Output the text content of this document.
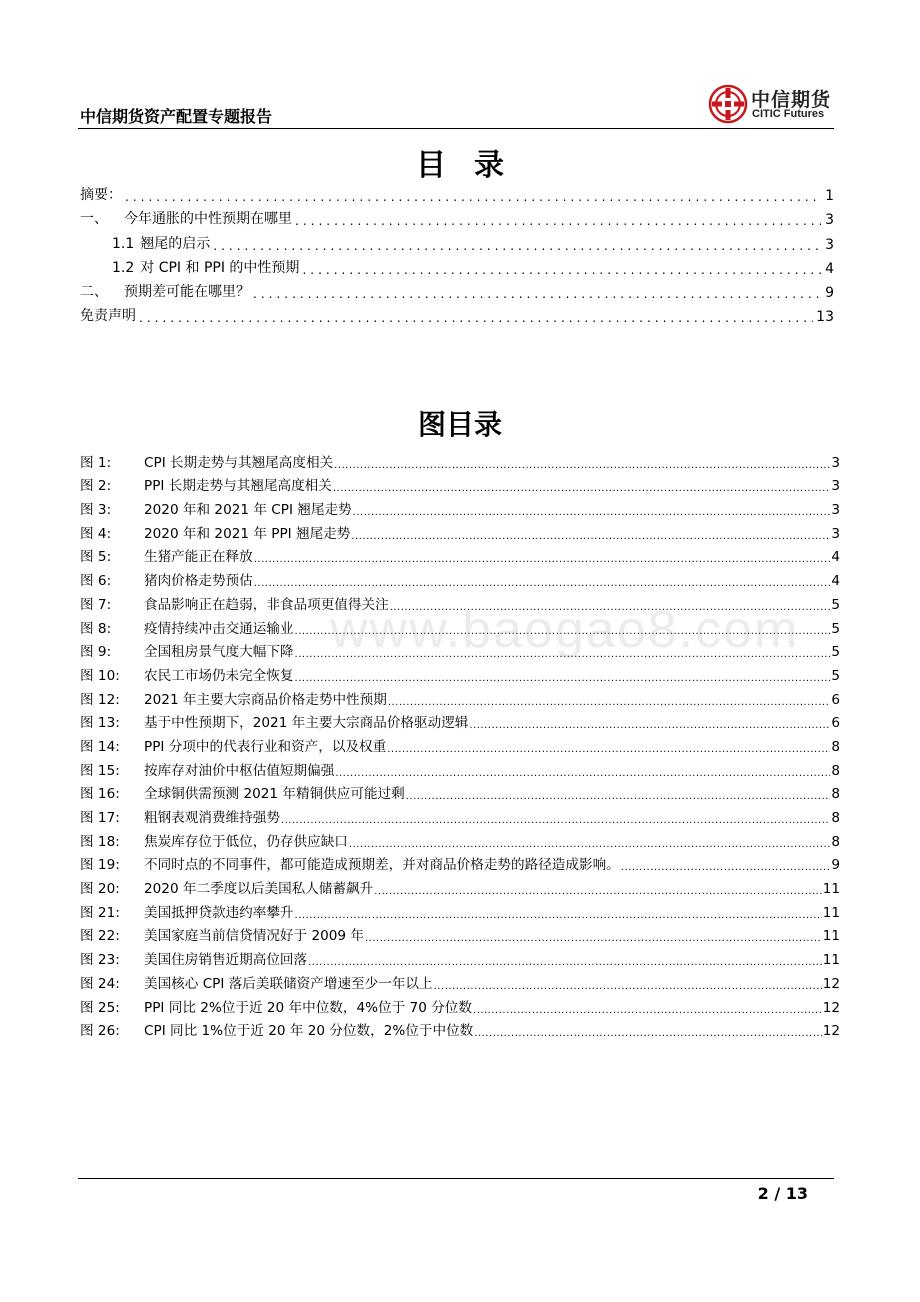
中信期货资产配置专题报告
中信期货
CITIC Futures
目录
摘要： .....	1
一、 今年通胀的中性预期在哪里 .....	3
1.1 翘尾的启示 .....	3
1.2 对 CPI 和 PPI 的中性预期 .....	4
二、 预期差可能在哪里？ .....	9
免责声明 .....	13
图目录
图 1:	CPI 长期走势与其翘尾高度相关 .....	3
图 2:	PPI 长期走势与其翘尾高度相关 .....	3
图 3:	2020 年和 2021 年 CPI 翘尾走势 .....	3
图 4:	2020 年和 2021 年 PPI 翘尾走势 .....	3
图 5:	生猪产能正在释放 .....	4
图 6:	猪肉价格走势预估 .....	4
图 7:	食品影响正在趋弱，非食品项更值得关注 .....	5
图 8:	疫情持续冲击交通运输业 .....	5
图 9:	全国租房景气度大幅下降 .....	5
图 10:	农民工市场仍未完全恢复 .....	5
图 12:	2021 年主要大宗商品价格走势中性预期 .....	6
图 13:	基于中性预期下，2021 年主要大宗商品价格驱动逻辑 .....	6
图 14:	PPI 分项中的代表行业和资产，以及权重 .....	8
图 15:	按库存对油价中枢估值短期偏强 .....	8
图 16:	全球铜供需预测 2021 年精铜供应可能过剩 .....	8
图 17:	粗钢表观消费维持强势 .....	8
图 18:	焦炭库存位于低位，仍存供应缺口 .....	8
图 19:	不同时点的不同事件，都可能造成预期差，并对商品价格走势的路径造成影响。 .....	9
图 20:	2020 年二季度以后美国私人储蓄飙升 .....	11
图 21:	美国抵押贷款违约率攀升 .....	11
图 22:	美国家庭当前信贷情况好于 2009 年 .....	11
图 23:	美国住房销售近期高位回落 .....	11
图 24:	美国核心 CPI 落后美联储资产增速至少一年以上 .....	12
图 25:	PPI 同比 2%位于近 20 年中位数，4%位于 70 分位数 .....	12
图 26:	CPI 同比 1%位于近 20 年 20 分位数，2%位于中位数 .....	12
www.baogao8.com
2 / 13
